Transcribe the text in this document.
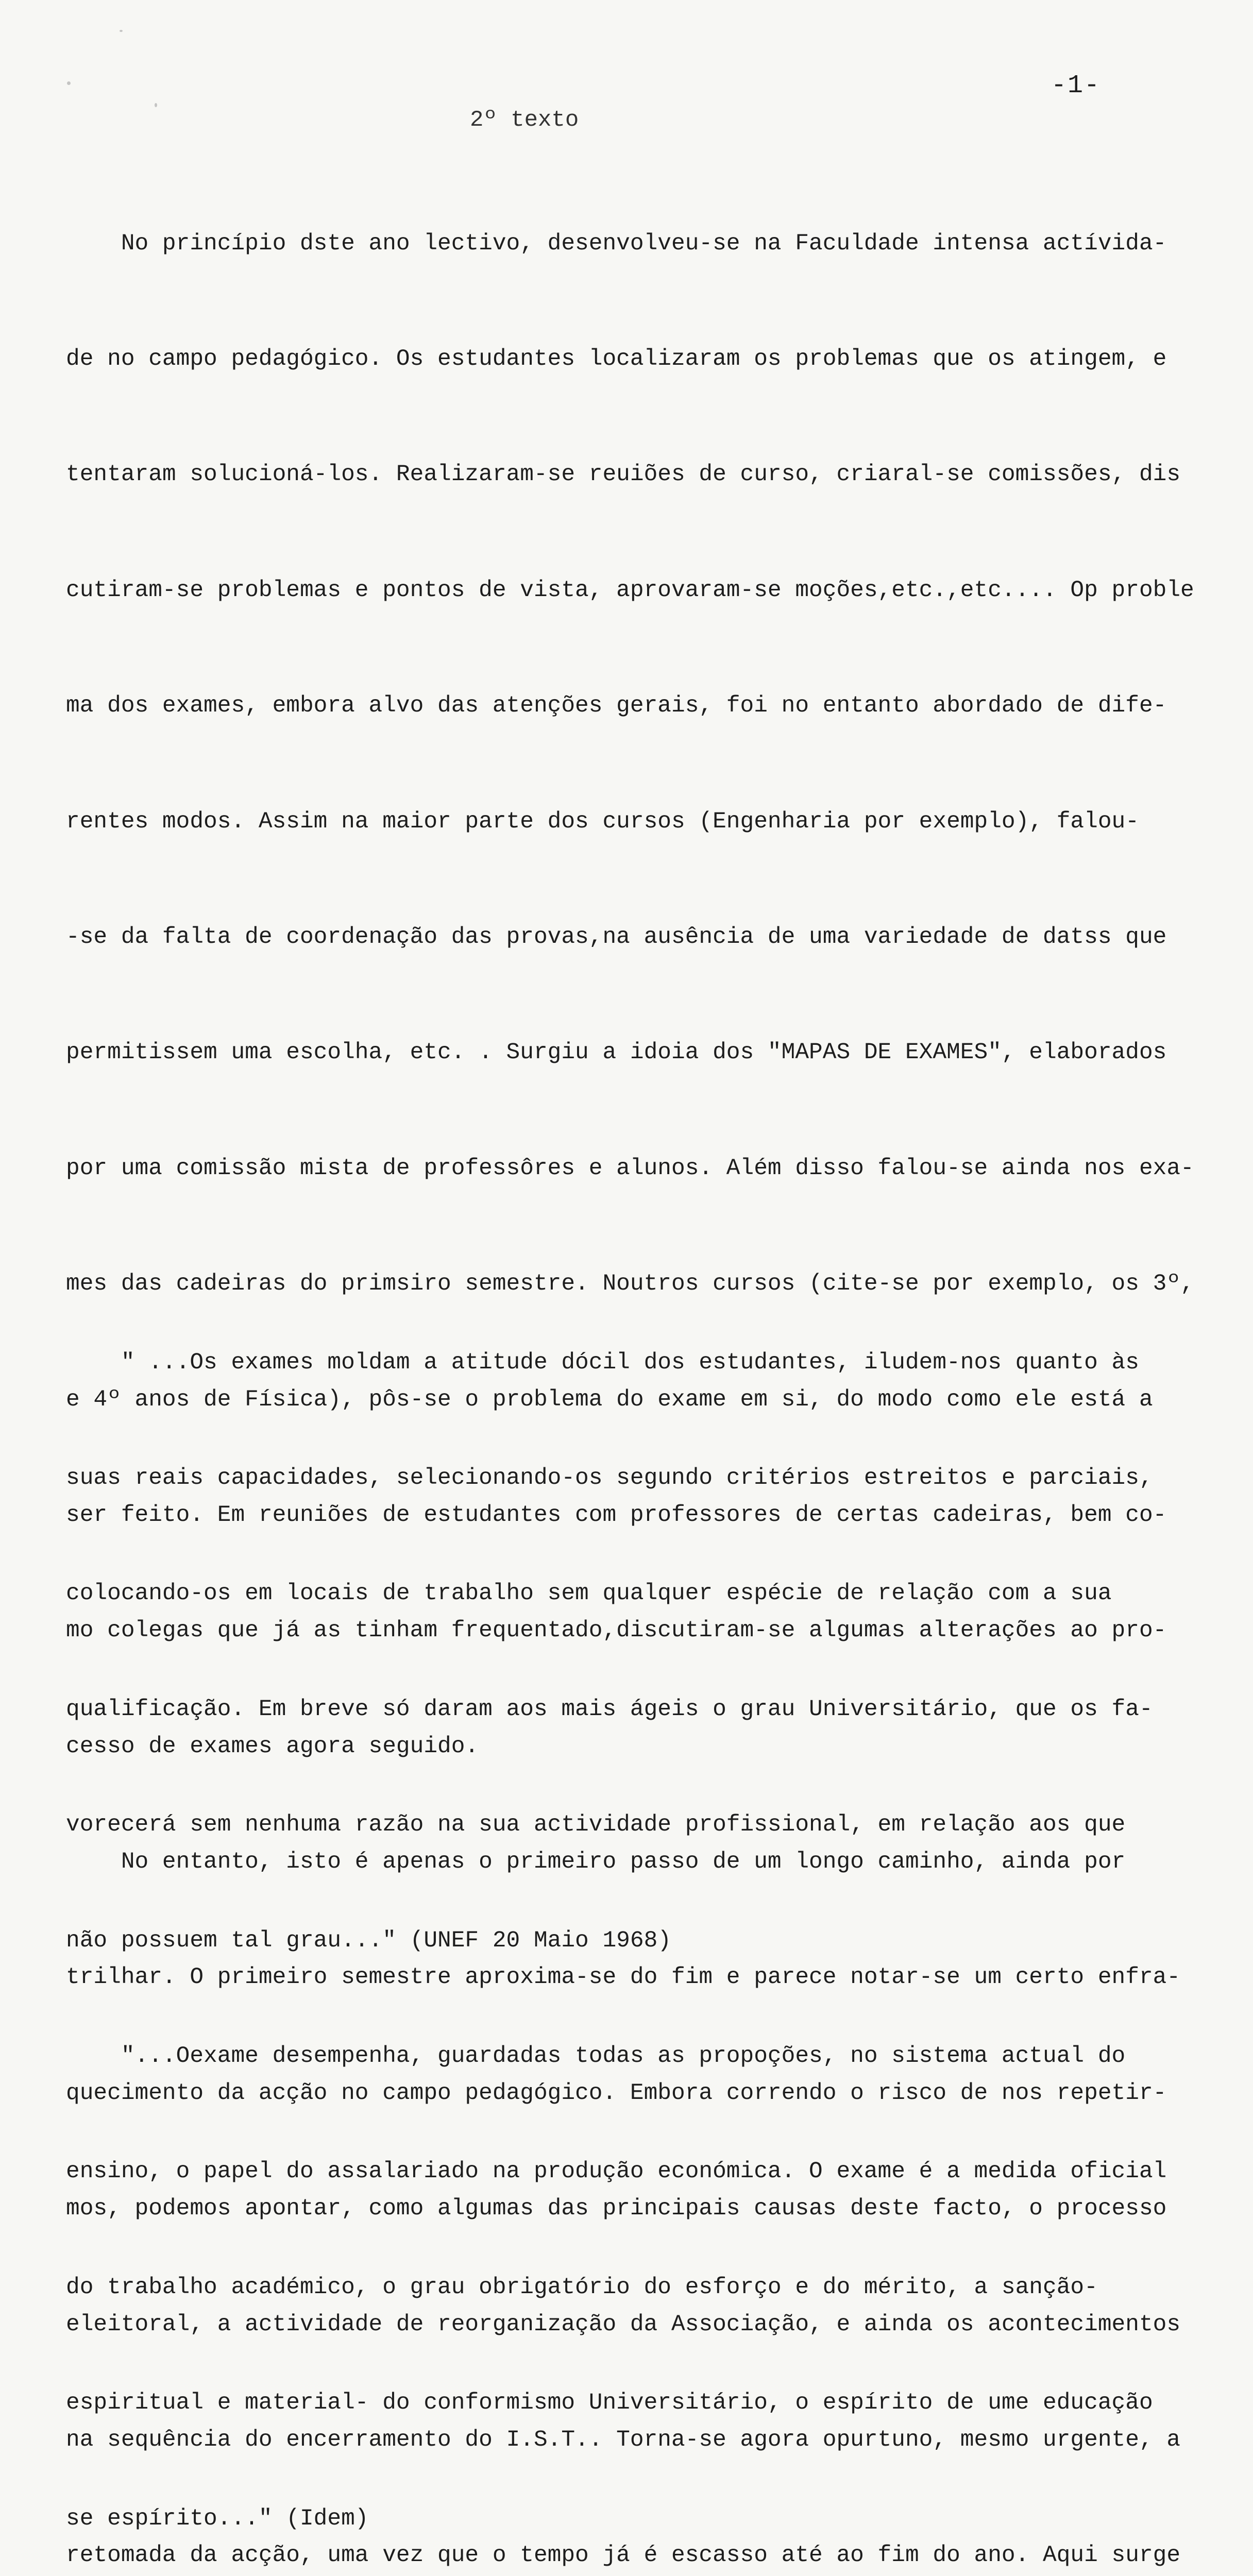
-1-
2º texto

No princípio dste ano lectivo, desenvolveu-se na Faculdade intensa actívida-

de no campo pedagógico. Os estudantes localizaram os problemas que os atingem, e

tentaram solucioná-los. Realizaram-se reuiões de curso, criaral-se comissões, dis

cutiram-se problemas e pontos de vista, aprovaram-se moções,etc.,etc.... Op proble

ma dos exames, embora alvo das atenções gerais, foi no entanto abordado de dife-

rentes modos. Assim na maior parte dos cursos (Engenharia por exemplo), falou-

-se da falta de coordenação das provas,na ausência de uma variedade de datss que

permitissem uma escolha, etc. . Surgiu a idoia dos "MAPAS DE EXAMES", elaborados

por uma comissão mista de professôres e alunos. Além disso falou-se ainda nos exa-

mes das cadeiras do primsiro semestre. Noutros cursos (cite-se por exemplo, os 3º,

e 4º anos de Física), pôs-se o problema do exame em si, do modo como ele está a

ser feito. Em reuniões de estudantes com professores de certas cadeiras, bem co-

mo colegas que já as tinham frequentado,discutiram-se algumas alterações ao pro-

cesso de exames agora seguido.

No entanto, isto é apenas o primeiro passo de um longo caminho, ainda por

trilhar. O primeiro semestre aproxima-se do fim e parece notar-se um certo enfra-

quecimento da acção no campo pedagógico. Embora correndo o risco de nos repetir-

mos, podemos apontar, como algumas das principais causas deste facto, o processo

eleitoral, a actividade de reorganização da Associação, e ainda os acontecimentos

na sequência do encerramento do I.S.T.. Torna-se agora opurtuno, mesmo urgente, a

retomada da acção, uma vez que o tempo já é escasso até ao fim do ano. Aqui surge

" ...Os exames moldam a atitude dócil dos estudantes, iludem-nos quanto às

suas reais capacidades, selecionando-os segundo critérios estreitos e parciais,

colocando-os em locais de trabalho sem qualquer espécie de relação com a sua

qualificação. Em breve só daram aos mais ágeis o grau Universitário, que os fa-

vorecerá sem nenhuma razão na sua actividade profissional, em relação aos que

não possuem tal grau..." (UNEF 20 Maio 1968)

"...Oexame desempenha, guardadas todas as propoções, no sistema actual do

ensino, o papel do assalariado na produção económica. O exame é a medida oficial

do trabalho académico, o grau obrigatório do esforço e do mérito, a sanção-

espiritual e material- do conformismo Universitário, o espírito de ume educação

se espírito..." (Idem)
